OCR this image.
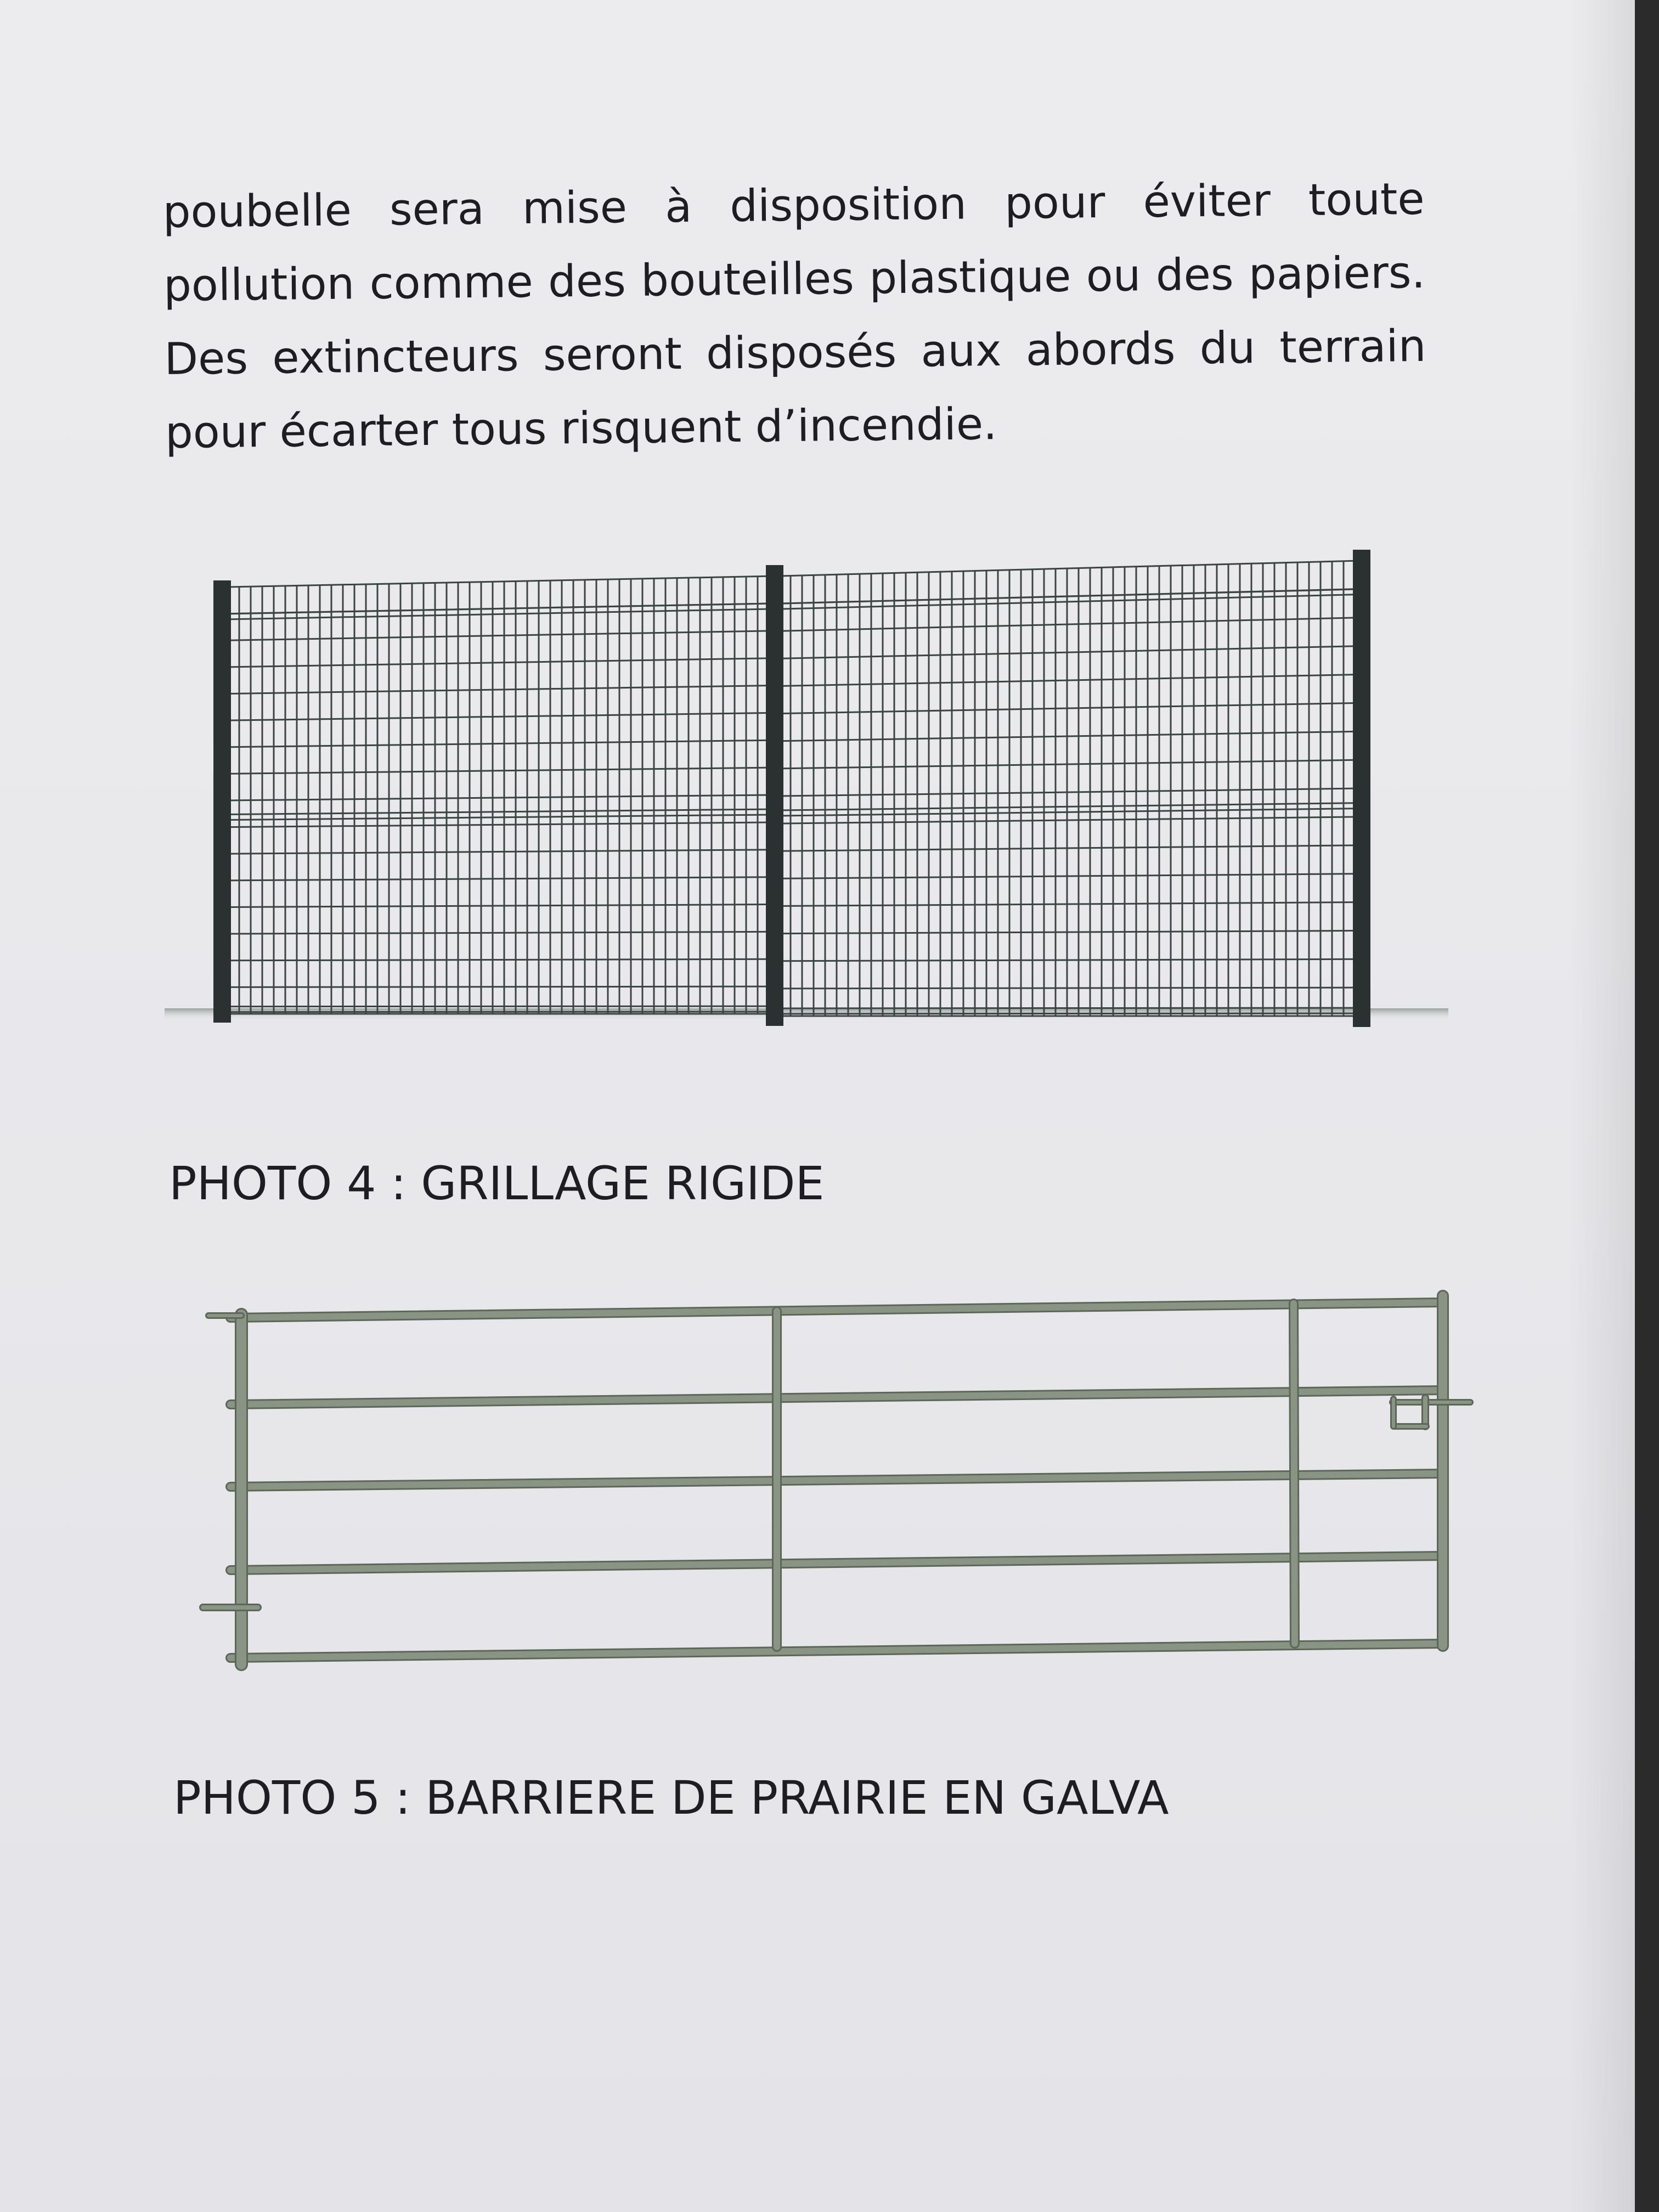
poubelle sera mise à disposition pour éviter toute pollution comme des bouteilles plastique ou des papiers. Des extincteurs seront disposés aux abords du terrain pour écarter tous risquent d’incendie.

PHOTO 4 : GRILLAGE RIGIDE

PHOTO 5 : BARRIERE DE PRAIRIE EN GALVA
